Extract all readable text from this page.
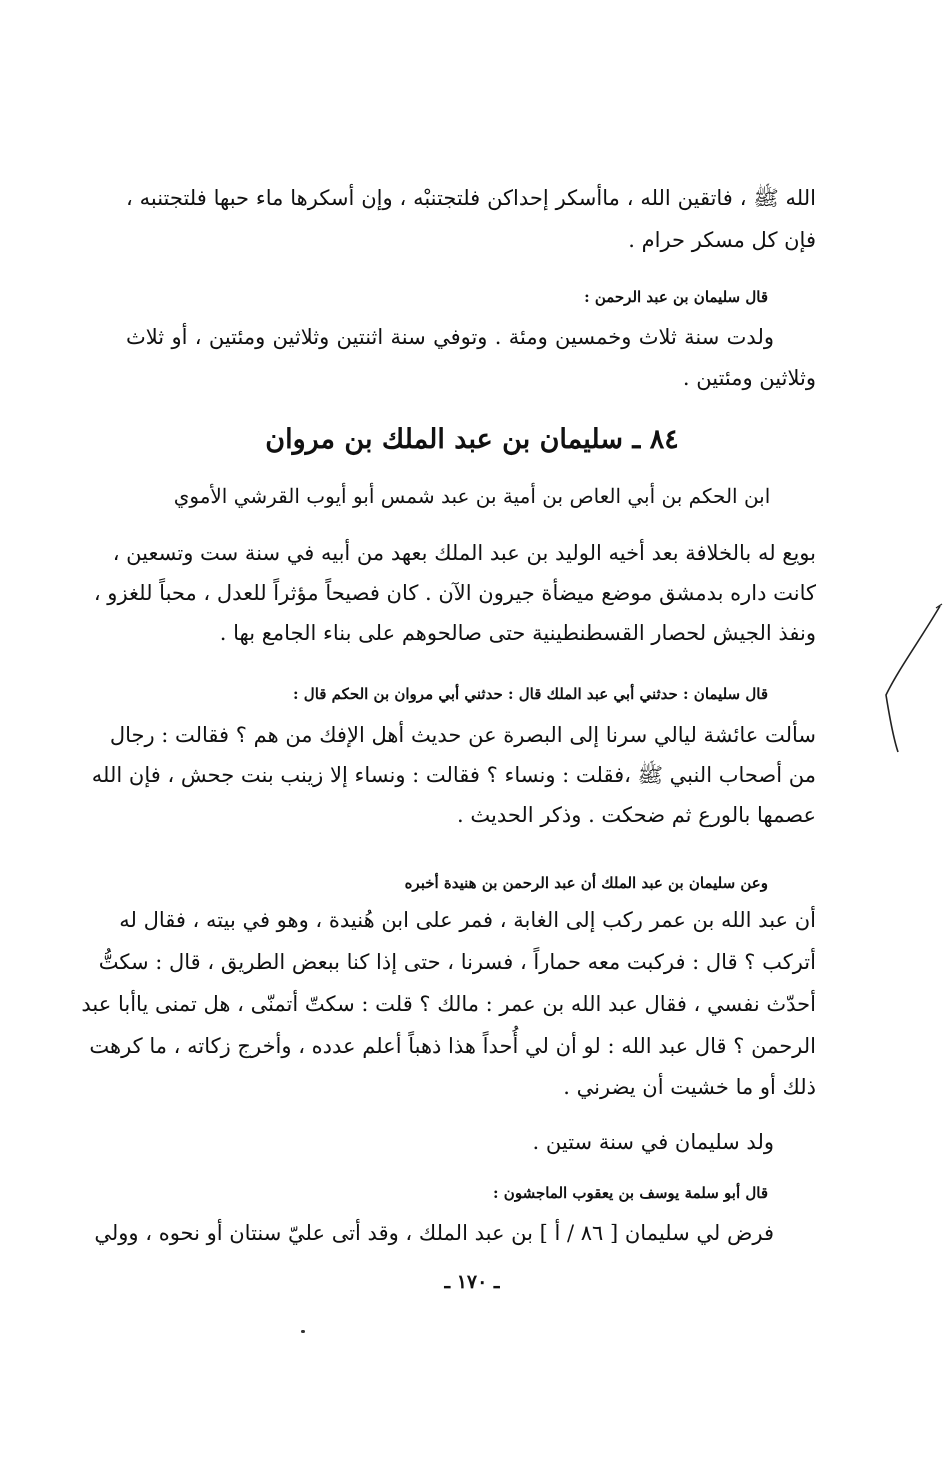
الله ﷺ ، فاتقين الله ، ماأسكر إحداكن فلتجتنبْه ، وإن أسكرها ماء حبها فلتجتنبه ،
فإن كل مسكر حرام .
قال سليمان بن عبد الرحمن :
ولدت سنة ثلاث وخمسين ومئة . وتوفي سنة اثنتين وثلاثين ومئتين ، أو ثلاث
وثلاثين ومئتين .
٨٤ ـ سليمان بن عبد الملك بن مروان
ابن الحكم بن أبي العاص بن أمية بن عبد شمس أبو أيوب القرشي الأموي
بويع له بالخلافة بعد أخيه الوليد بن عبد الملك بعهد من أبيه في سنة ست وتسعين ،
كانت داره بدمشق موضع ميضأة جيرون الآن . كان فصيحاً مؤثراً للعدل ، محباً للغزو ،
ونفذ الجيش لحصار القسطنطينية حتى صالحوهم على بناء الجامع بها .
قال سليمان : حدثني أبي عبد الملك قال : حدثني أبي مروان بن الحكم قال :
سألت عائشة ليالي سرنا إلى البصرة عن حديث أهل الإفك من هم ؟ فقالت : رجال
من أصحاب النبي ﷺ ،فقلت : ونساء ؟ فقالت : ونساء إلا زينب بنت جحش ، فإن الله
عصمها بالورع ثم ضحكت . وذكر الحديث .
وعن سليمان بن عبد الملك أن عبد الرحمن بن هنيدة أخبره
أن عبد الله بن عمر ركب إلى الغابة ، فمر على ابن هُنيدة ، وهو في بيته ، فقال له
أتركب ؟ قال : فركبت معه حماراً ، فسرنا ، حتى إذا كنا ببعض الطريق ، قال : سكتُّ
أحدّث نفسي ، فقال عبد الله بن عمر : مالك ؟ قلت : سكتّ أتمنّى ، هل تمنى ياأبا عبد
الرحمن ؟ قال عبد الله : لو أن لي أُحداً هذا ذهباً أعلم عدده ، وأخرج زكاته ، ما كرهت
ذلك أو ما خشيت أن يضرني .
ولد سليمان في سنة ستين .
قال أبو سلمة يوسف بن يعقوب الماجشون :
فرض لي سليمان [ ٨٦ / أ ] بن عبد الملك ، وقد أتى عليّ سنتان أو نحوه ، وولي
ـ ١٧٠ ـ
